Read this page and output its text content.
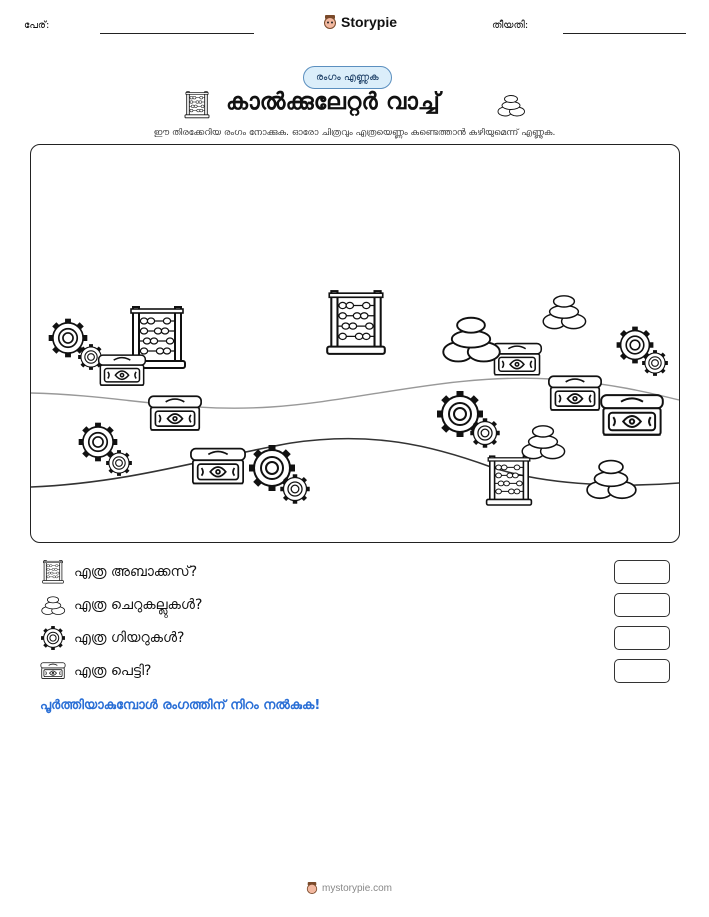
പേര്:	Storypie	തീയതി:
രംഗം എണ്ണുക
കാൽക്കുലേറ്റർ വാച്ച്
ഈ തിരക്കേറിയ രംഗം നോക്കുക. ഓരോ ചിത്രവും എത്രയെണ്ണം കണ്ടെത്താൻ കഴിയുമെന്ന് എണ്ണുക.
എത്ര അബാക്കസ്?
എത്ര ചെറുകല്ലുകൾ?
എത്ര ഗിയറുകൾ?
എത്ര പെട്ടി?
പൂർത്തിയാകുമ്പോൾ രംഗത്തിന് നിറം നൽകുക!
mystorypie.com
